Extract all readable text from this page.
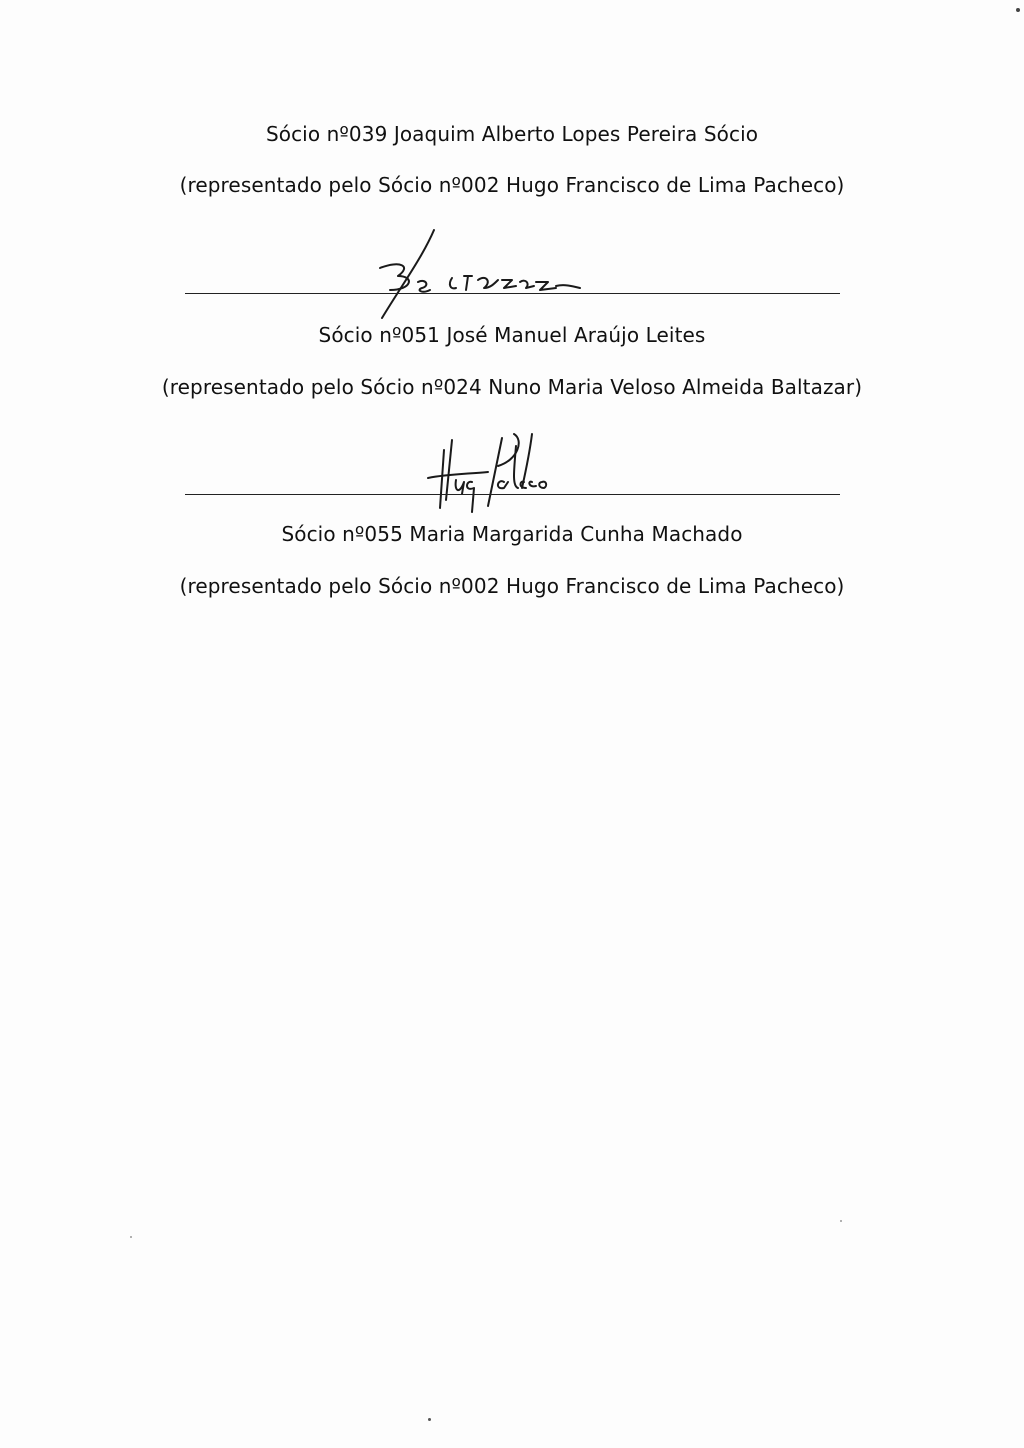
Sócio nº039 Joaquim Alberto Lopes Pereira Sócio
(representado pelo Sócio nº002 Hugo Francisco de Lima Pacheco)
Sócio nº051 José Manuel Araújo Leites
(representado pelo Sócio nº024 Nuno Maria Veloso Almeida Baltazar)
Sócio nº055 Maria Margarida Cunha Machado
(representado pelo Sócio nº002 Hugo Francisco de Lima Pacheco)
